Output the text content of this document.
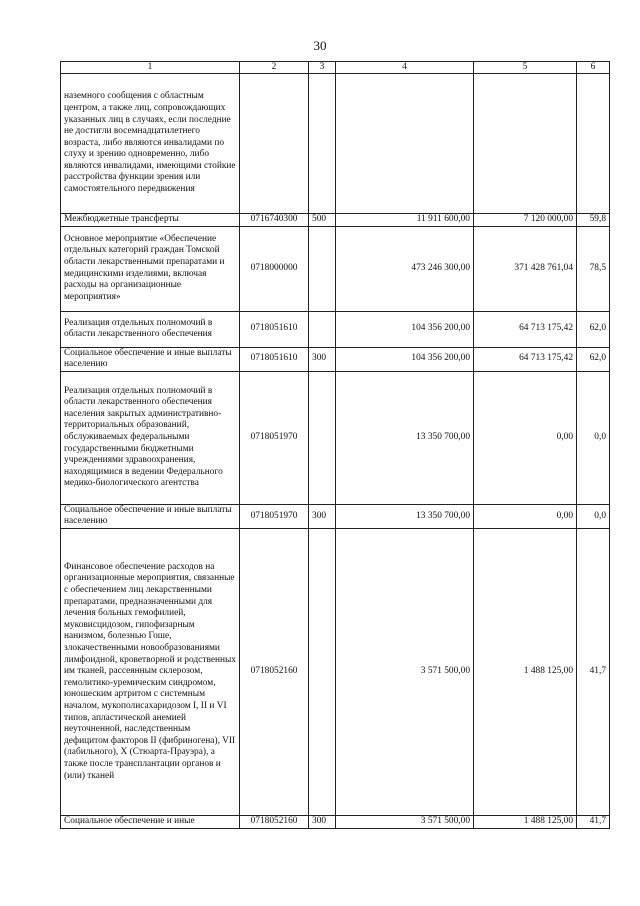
30
1	2	3	4	5	6
наземного сообщения с областным центром, а также лиц, сопровождающих указанных лиц в случаях, если последние не достигли восемнадцатилетнего возраста, либо являются инвалидами по слуху и зрению одновременно, либо являются инвалидами, имеющими стойкие расстройства функции зрения или самостоятельного передвижения					
Межбюджетные трансферты	0716740300	500	11 911 600,00	7 120 000,00	59,8
Основное мероприятие «Обеспечение отдельных категорий граждан Томской области лекарственными препаратами и медицинскими изделиями, включая расходы на организационные мероприятия»	0718000000		473 246 300,00	371 428 761,04	78,5
Реализация отдельных полномочий в области лекарственного обеспечения	0718051610		104 356 200,00	64 713 175,42	62,0
Социальное обеспечение и иные выплаты населению	0718051610	300	104 356 200,00	64 713 175,42	62,0
Реализация отдельных полномочий в области лекарственного обеспечения населения закрытых административно-территориальных образований, обслуживаемых федеральными государственными бюджетными учреждениями здравоохранения, находящимися в ведении Федерального медико-биологического агентства	0718051970		13 350 700,00	0,00	0,0
Социальное обеспечение и иные выплаты населению	0718051970	300	13 350 700,00	0,00	0,0
Финансовое обеспечение расходов на организационные мероприятия, связанные с обеспечением лиц лекарственными препаратами, предназначенными для лечения больных гемофилией, муковисцидозом, гипофизарным нанизмом, болезнью Гоше, злокачественными новообразованиями лимфоидной, кроветворной и родственных им тканей, рассеянным склерозом, гемолитико-уремическим синдромом, юношеским артритом с системным началом, мукополисахаридозом I, II и VI типов, апластической анемией неуточненной, наследственным дефицитом факторов II (фибриногена), VII (лабильного), X (Стюарта-Прауэра), а также после трансплантации органов и (или) тканей	0718052160		3 571 500,00	1 488 125,00	41,7
Социальное обеспечение и иные	0718052160	300	3 571 500,00	1 488 125,00	41,7
